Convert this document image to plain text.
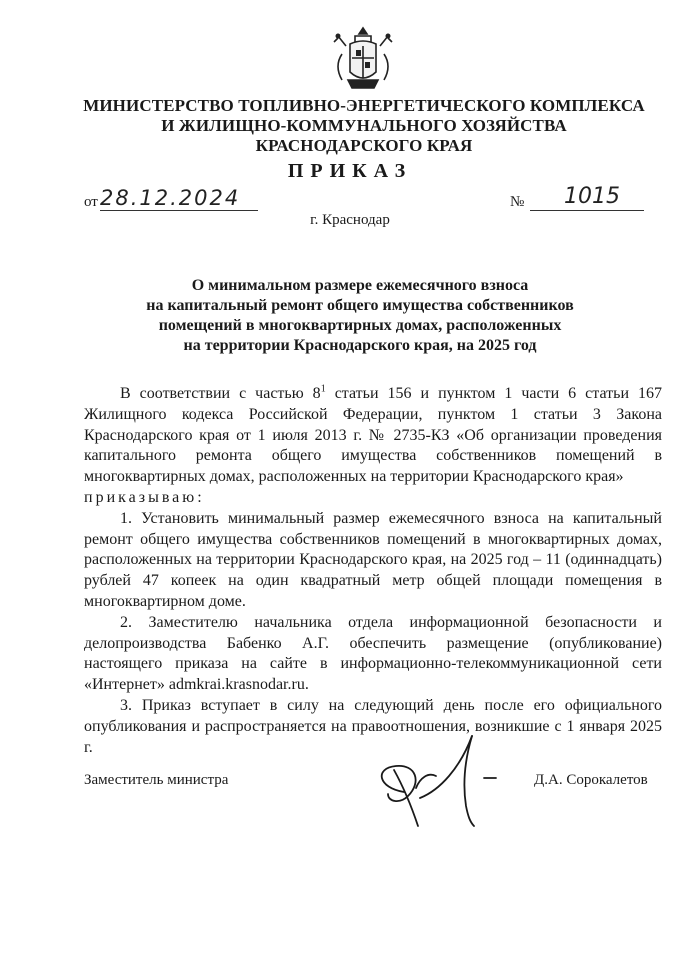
МИНИСТЕРСТВО ТОПЛИВНО-ЭНЕРГЕТИЧЕСКОГО КОМПЛЕКСА
И ЖИЛИЩНО-КОММУНАЛЬНОГО ХОЗЯЙСТВА
КРАСНОДАРСКОГО КРАЯ
ПРИКАЗ
от 28.12.2024	№ 1015
г. Краснодар
О минимальном размере ежемесячного взноса
на капитальный ремонт общего имущества собственников
помещений в многоквартирных домах, расположенных
на территории Краснодарского края, на 2025 год

В соответствии с частью $8^1$ статьи 156 и пунктом 1 части 6 статьи 167 Жилищного кодекса Российской Федерации, пунктом 1 статьи 3 Закона Краснодарского края от 1 июля 2013 г. № 2735-КЗ «Об организации проведения капитального ремонта общего имущества собственников помещений в многоквартирных домах, расположенных на территории Краснодарского края»

приказываю:

1. Установить минимальный размер ежемесячного взноса на капитальный ремонт общего имущества собственников помещений в многоквартирных домах, расположенных на территории Краснодарского края, на 2025 год – 11 (одиннадцать) рублей 47 копеек на один квадратный метр общей площади помещения в многоквартирном доме.

2. Заместителю начальника отдела информационной безопасности и делопроизводства Бабенко А.Г. обеспечить размещение (опубликование) настоящего приказа на сайте в информационно-телекоммуникационной сети «Интернет» admkrai.krasnodar.ru.

3. Приказ вступает в силу на следующий день после его официального опубликования и распространяется на правоотношения, возникшие с 1 января 2025 г.

Заместитель министра	Д.А. Сорокалетов
